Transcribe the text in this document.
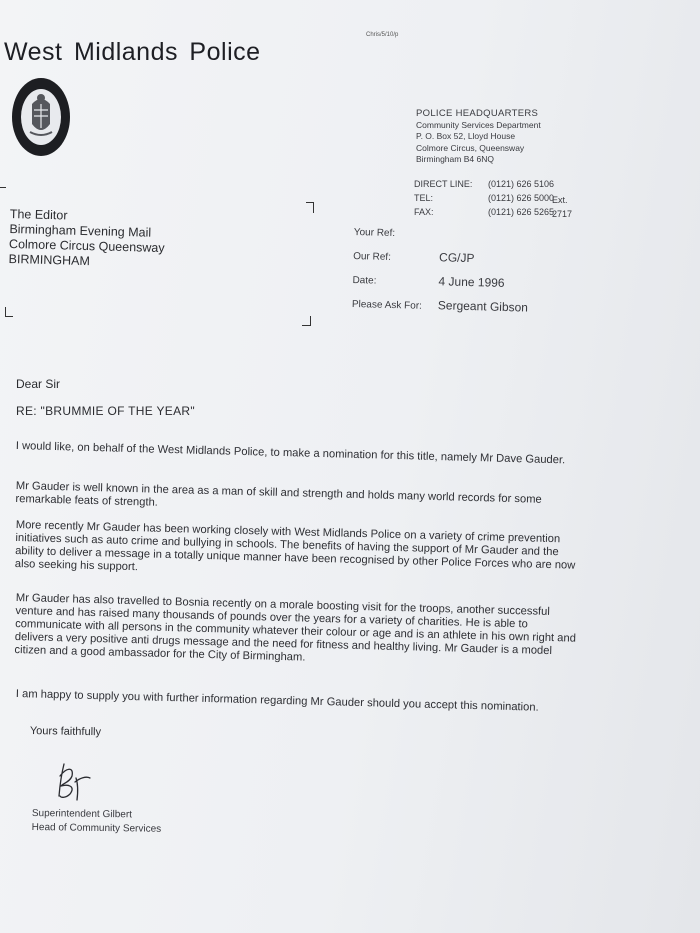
West Midlands Police
Chris/5/10/p
POLICE HEADQUARTERS
Community Services Department
P. O. Box 52, Lloyd House
Colmore Circus, Queensway
Birmingham B4 6NQ
DIRECT LINE: (0121) 626 5106
TEL:	(0121) 626 5000
FAX:	(0121) 626 5265
Ext. 2717
The Editor
Birmingham Evening Mail
Colmore Circus Queensway
BIRMINGHAM
Your Ref:
Our Ref:	CG/JP
Date:	4 June 1996
Please Ask For: Sergeant Gibson
Dear Sir
RE: "BRUMMIE OF THE YEAR"
I would like, on behalf of the West Midlands Police, to make a nomination for this title, namely Mr Dave Gauder.
Mr Gauder is well known in the area as a man of skill and strength and holds many world records for some remarkable feats of strength.
More recently Mr Gauder has been working closely with West Midlands Police on a variety of crime prevention initiatives such as auto crime and bullying in schools. The benefits of having the support of Mr Gauder and the ability to deliver a message in a totally unique manner have been recognised by other Police Forces who are now also seeking his support.
Mr Gauder has also travelled to Bosnia recently on a morale boosting visit for the troops, another successful venture and has raised many thousands of pounds over the years for a variety of charities. He is able to communicate with all persons in the community whatever their colour or age and is an athlete in his own right and delivers a very positive anti drugs message and the need for fitness and healthy living. Mr Gauder is a model citizen and a good ambassador for the City of Birmingham.
I am happy to supply you with further information regarding Mr Gauder should you accept this nomination.
Yours faithfully
Superintendent Gilbert
Head of Community Services
